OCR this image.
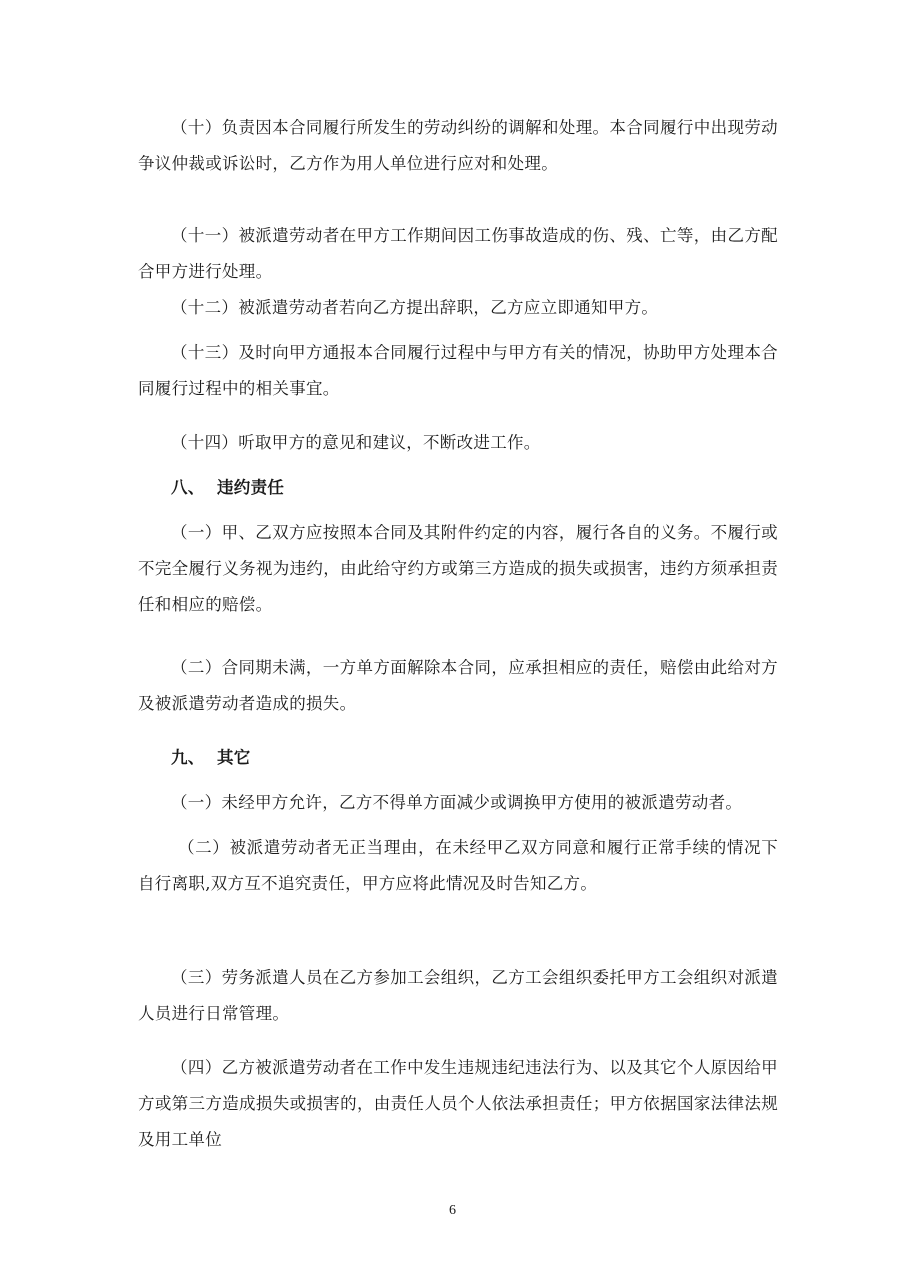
（十）负责因本合同履行所发生的劳动纠纷的调解和处理。本合同履行中出现劳动争议仲裁或诉讼时，乙方作为用人单位进行应对和处理。

（十一）被派遣劳动者在甲方工作期间因工伤事故造成的伤、残、亡等，由乙方配合甲方进行处理。

（十二）被派遣劳动者若向乙方提出辞职，乙方应立即通知甲方。

（十三）及时向甲方通报本合同履行过程中与甲方有关的情况，协助甲方处理本合同履行过程中的相关事宜。

（十四）听取甲方的意见和建议，不断改进工作。

八、 违约责任

（一）甲、乙双方应按照本合同及其附件约定的内容，履行各自的义务。不履行或不完全履行义务视为违约，由此给守约方或第三方造成的损失或损害，违约方须承担责任和相应的赔偿。

（二）合同期未满，一方单方面解除本合同，应承担相应的责任，赔偿由此给对方及被派遣劳动者造成的损失。

九、 其它

（一）未经甲方允许，乙方不得单方面减少或调换甲方使用的被派遣劳动者。

（二）被派遣劳动者无正当理由，在未经甲乙双方同意和履行正常手续的情况下自行离职,双方互不追究责任，甲方应将此情况及时告知乙方。

（三）劳务派遣人员在乙方参加工会组织，乙方工会组织委托甲方工会组织对派遣人员进行日常管理。

（四）乙方被派遣劳动者在工作中发生违规违纪违法行为、以及其它个人原因给甲方或第三方造成损失或损害的，由责任人员个人依法承担责任；甲方依据国家法律法规及用工单位

6
